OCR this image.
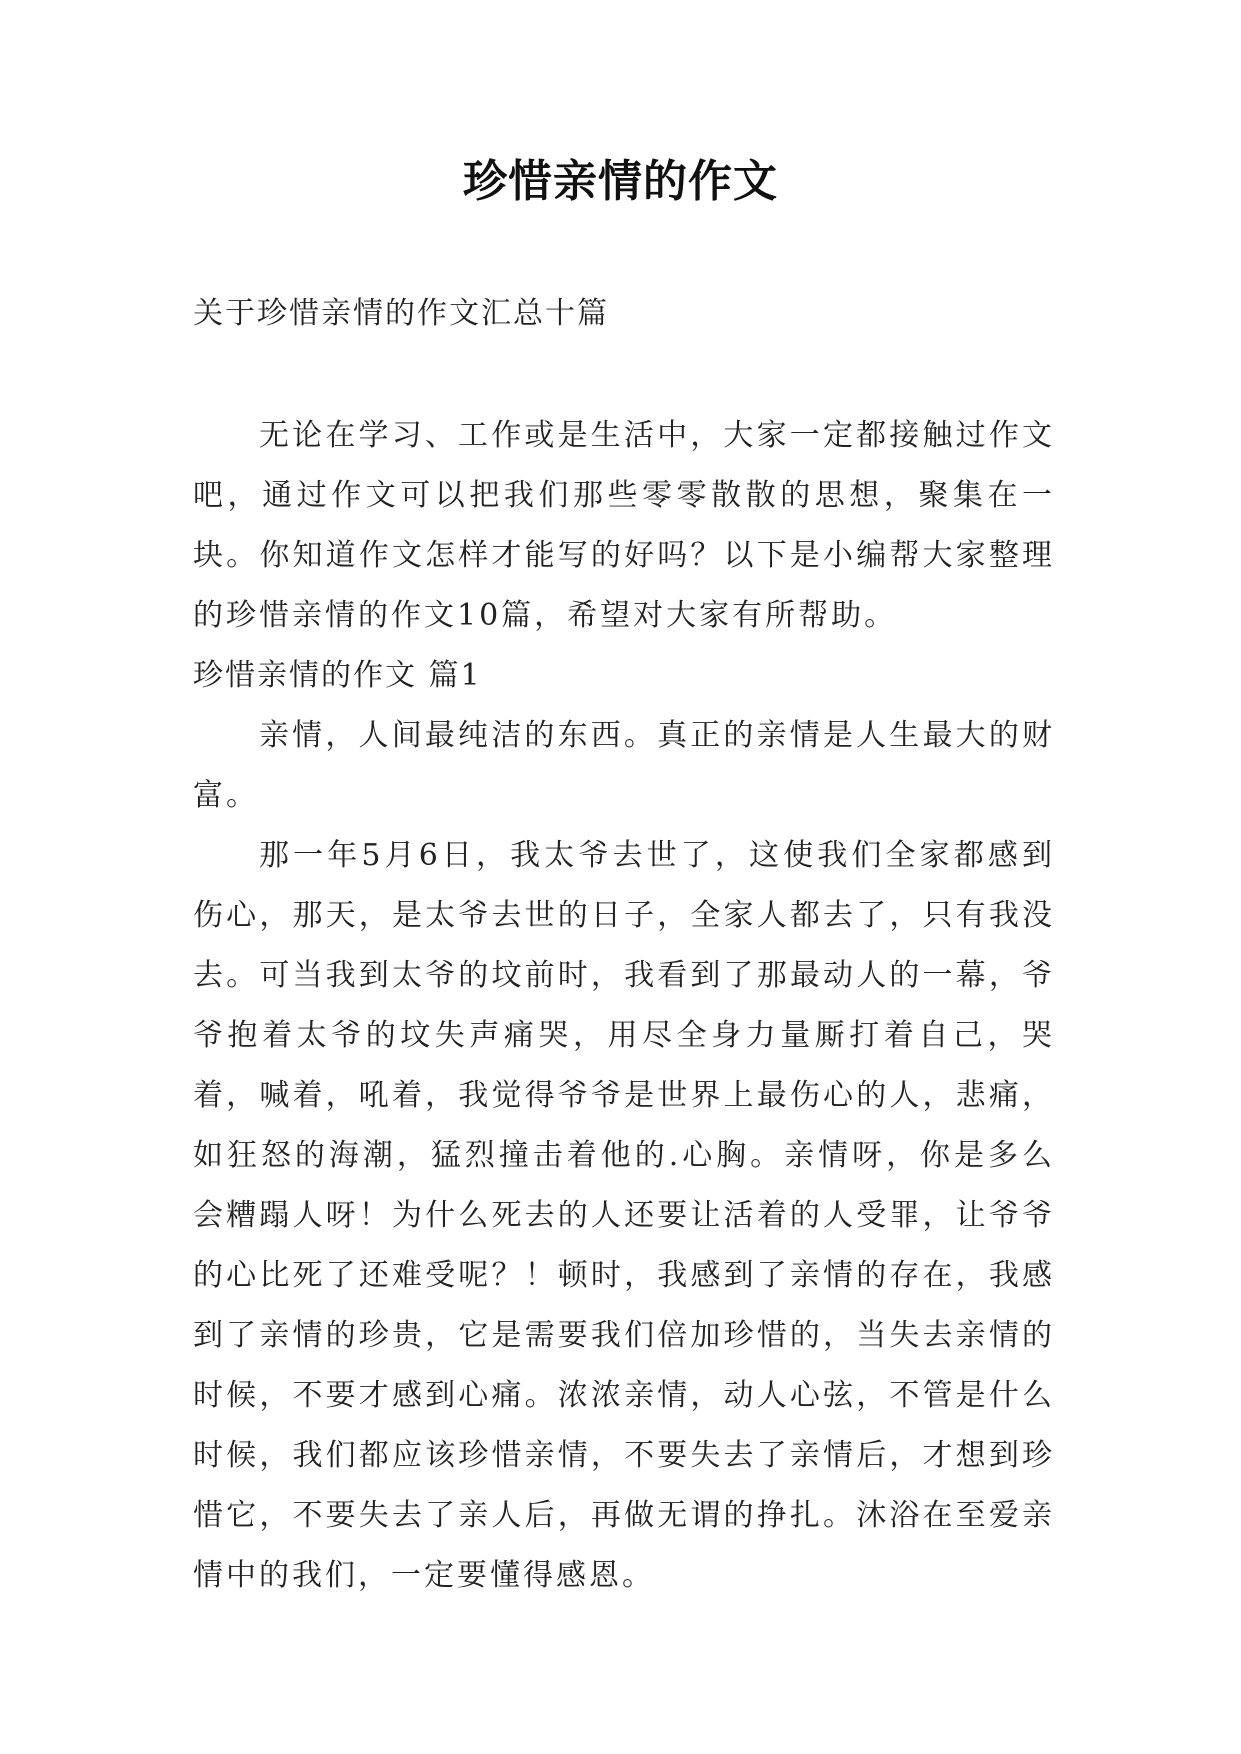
珍惜亲情的作文
关于珍惜亲情的作文汇总十篇

无论在学习、工作或是生活中，大家一定都接触过作文吧，通过作文可以把我们那些零零散散的思想，聚集在一块。你知道作文怎样才能写的好吗？以下是小编帮大家整理的珍惜亲情的作文10篇，希望对大家有所帮助。

珍惜亲情的作文 篇1

亲情，人间最纯洁的东西。真正的亲情是人生最大的财富。

那一年5月6日，我太爷去世了，这使我们全家都感到伤心，那天，是太爷去世的日子，全家人都去了，只有我没去。可当我到太爷的坟前时，我看到了那最动人的一幕，爷爷抱着太爷的坟失声痛哭，用尽全身力量厮打着自己，哭着，喊着，吼着，我觉得爷爷是世界上最伤心的人，悲痛，如狂怒的海潮，猛烈撞击着他的.心胸。亲情呀，你是多么会糟蹋人呀！为什么死去的人还要让活着的人受罪，让爷爷的心比死了还难受呢？！顿时，我感到了亲情的存在，我感到了亲情的珍贵，它是需要我们倍加珍惜的，当失去亲情的时候，不要才感到心痛。浓浓亲情，动人心弦，不管是什么时候，我们都应该珍惜亲情，不要失去了亲情后，才想到珍惜它，不要失去了亲人后，再做无谓的挣扎。沐浴在至爱亲情中的我们，一定要懂得感恩。
